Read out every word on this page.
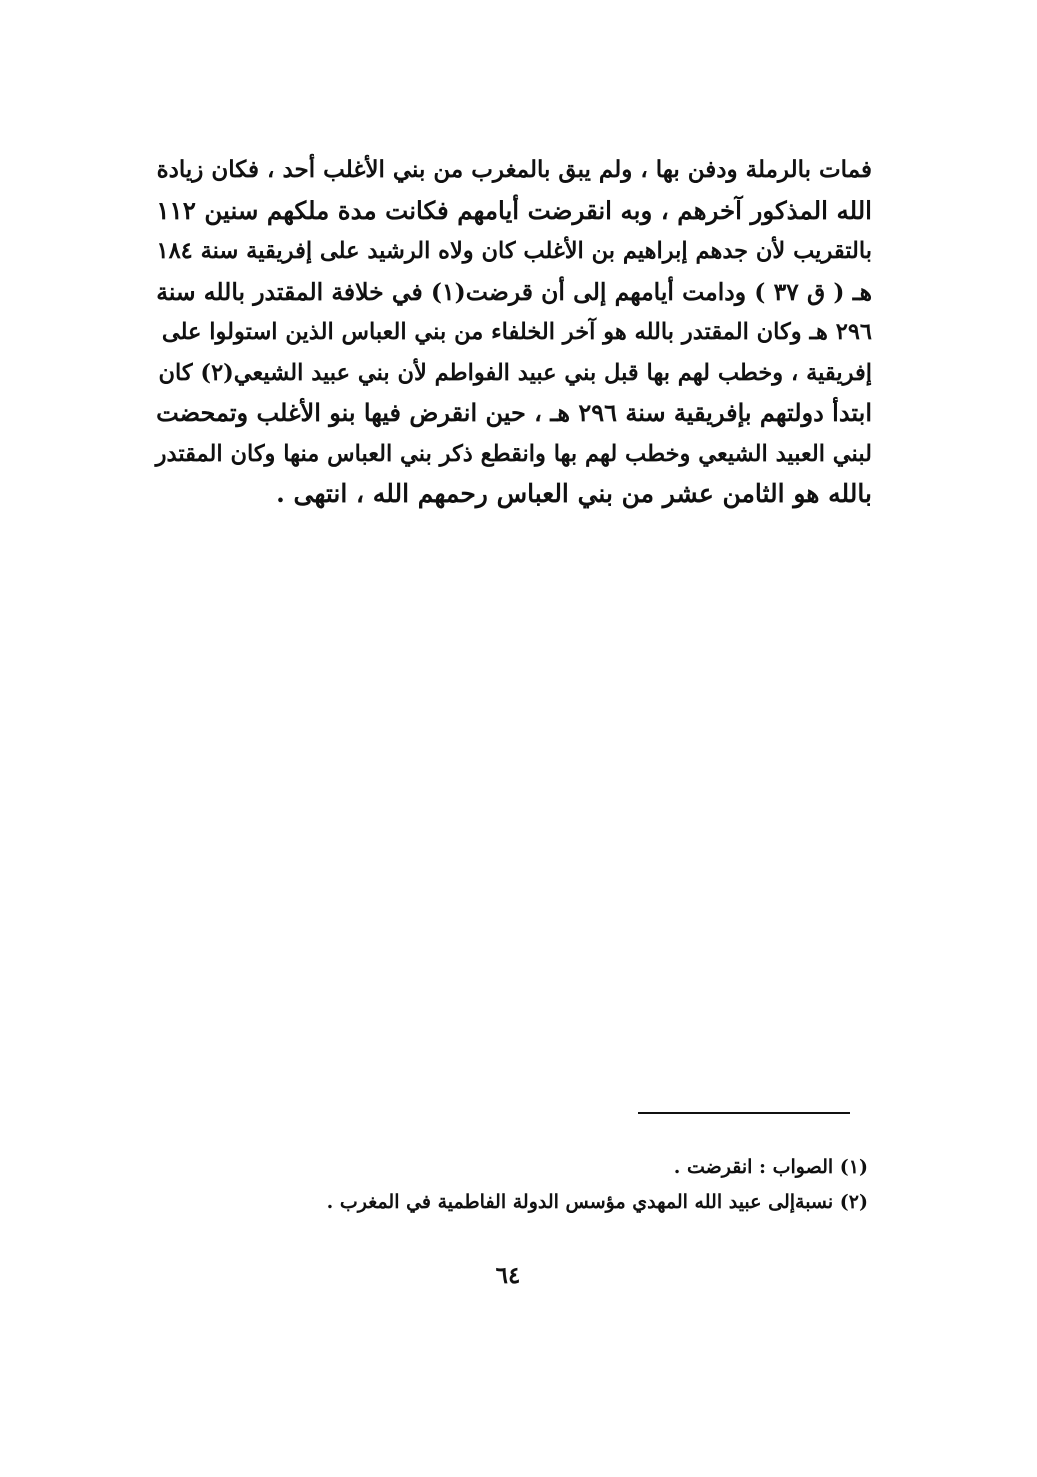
فمات بالرملة ودفن بها ، ولم يبق بالمغرب من بني الأغلب أحد ، فكان زيادة
الله المذكور آخرهم ، وبه انقرضت أيامهم فكانت مدة ملكهم سنين ١١٢
بالتقريب لأن جدهم إبراهيم بن الأغلب كان ولاه الرشيد على إفريقية سنة ١٨٤
هـ ( ق ٣٧ ) ودامت أيامهم إلى أن قرضت(١) في خلافة المقتدر بالله سنة
٢٩٦ هـ وكان المقتدر بالله هو آخر الخلفاء من بني العباس الذين استولوا على
إفريقية ، وخطب لهم بها قبل بني عبيد الفواطم لأن بني عبيد الشيعي(٢) كان
ابتدأ دولتهم بإفريقية سنة ٢٩٦ هـ ، حين انقرض فيها بنو الأغلب وتمحضت
لبني العبيد الشيعي وخطب لهم بها وانقطع ذكر بني العباس منها وكان المقتدر
بالله هو الثامن عشر من بني العباس رحمهم الله ، انتهى .
(١) الصواب : انقرضت .
(٢) نسبةإلى عبيد الله المهدي مؤسس الدولة الفاطمية في المغرب .
٦٤
